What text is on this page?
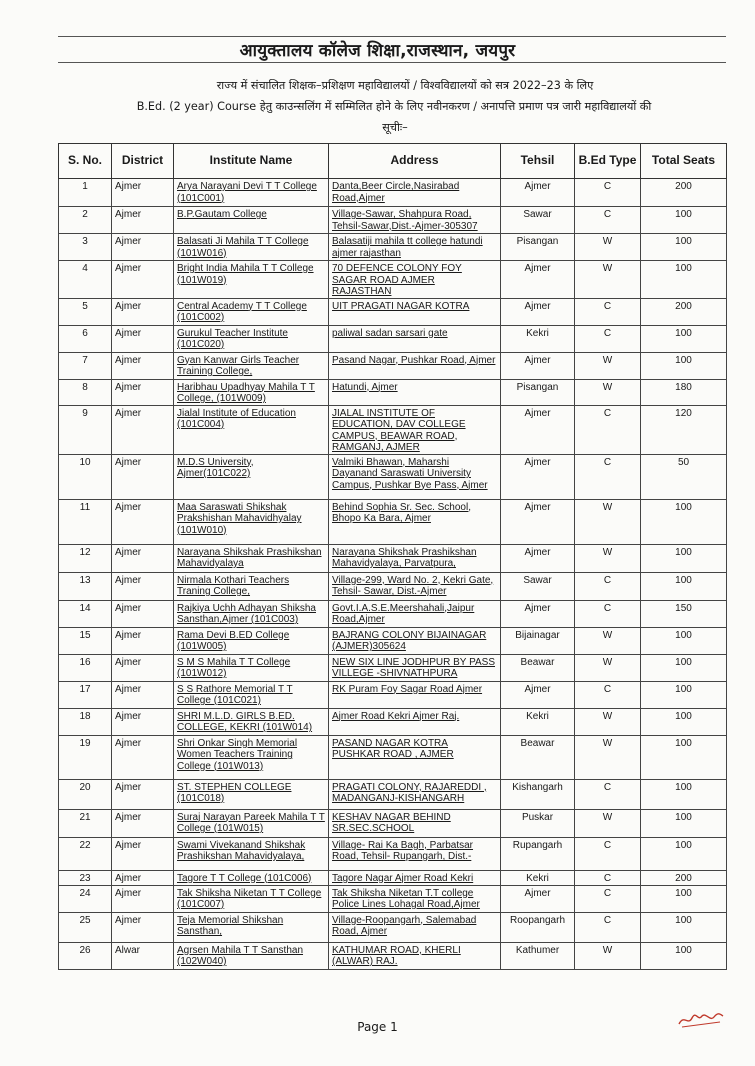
आयुक्तालय कॉलेज शिक्षा,राजस्थान, जयपुर
राज्य में संचालित शिक्षक–प्रशिक्षण महाविद्यालयों / विश्वविद्यालयों को सत्र 2022–23 के लिए
B.Ed. (2 year) Course हेतु काउन्सलिंग में सम्मिलित होने के लिए नवीनकरण / अनापत्ति प्रमाण पत्र जारी महाविद्यालयों की
सूचीः–
S. No.	District	Institute Name	Address	Tehsil	B.Ed Type	Total Seats
1	Ajmer	Arya Narayani Devi T T College (101C001)	Danta,Beer Circle,Nasirabad Road,Ajmer	Ajmer	C	200
2	Ajmer	B.P.Gautam College	Village-Sawar, Shahpura Road, Tehsil-Sawar,Dist.-Ajmer-305307	Sawar	C	100
3	Ajmer	Balasati Ji Mahila T T College (101W016)	Balasatiji mahila tt college hatundi ajmer rajasthan	Pisangan	W	100
4	Ajmer	Bright India Mahila T T College (101W019)	70 DEFENCE COLONY FOY SAGAR ROAD AJMER RAJASTHAN	Ajmer	W	100
5	Ajmer	Central Academy T T College (101C002)	UIT PRAGATI NAGAR KOTRA	Ajmer	C	200
6	Ajmer	Gurukul Teacher Institute (101C020)	paliwal sadan sarsari gate	Kekri	C	100
7	Ajmer	Gyan Kanwar Girls Teacher Training College,	Pasand Nagar, Pushkar Road, Ajmer	Ajmer	W	100
8	Ajmer	Haribhau Upadhyay Mahila T T College, (101W009)	Hatundi, Ajmer	Pisangan	W	180
9	Ajmer	Jialal Institute of Education (101C004)	JIALAL INSTITUTE OF EDUCATION, DAV COLLEGE CAMPUS, BEAWAR ROAD, RAMGANJ, AJMER	Ajmer	C	120
10	Ajmer	M.D.S University, Ajmer(101C022)	Valmiki Bhawan, Maharshi Dayanand Saraswati University Campus, Pushkar Bye Pass, Ajmer	Ajmer	C	50
11	Ajmer	Maa Saraswati Shikshak Prakshishan Mahavidhyalay (101W010)	Behind Sophia Sr. Sec. School, Bhopo Ka Bara, Ajmer	Ajmer	W	100
12	Ajmer	Narayana Shikshak Prashikshan Mahavidyalaya	Narayana Shikshak Prashikshan Mahavidyalaya, Parvatpura,	Ajmer	W	100
13	Ajmer	Nirmala Kothari Teachers Traning College,	Village-299, Ward No. 2, Kekri Gate, Tehsil- Sawar, Dist.-Ajmer	Sawar	C	100
14	Ajmer	Rajkiya Uchh Adhayan Shiksha Sansthan,Ajmer (101C003)	Govt.I.A.S.E.Meershahali,Jaipur Road,Ajmer	Ajmer	C	150
15	Ajmer	Rama Devi B.ED College (101W005)	BAJRANG COLONY BIJAINAGAR (AJMER)305624	Bijainagar	W	100
16	Ajmer	S M S Mahila T T College (101W012)	NEW SIX LINE JODHPUR BY PASS VILLEGE -SHIVNATHPURA	Beawar	W	100
17	Ajmer	S S Rathore Memorial T T College (101C021)	RK Puram Foy Sagar Road Ajmer	Ajmer	C	100
18	Ajmer	SHRI M.L.D. GIRLS B.ED. COLLEGE, KEKRI (101W014)	Ajmer Road Kekri Ajmer Raj.	Kekri	W	100
19	Ajmer	Shri Onkar Singh Memorial Women Teachers Training College (101W013)	PASAND NAGAR KOTRA PUSHKAR ROAD , AJMER	Beawar	W	100
20	Ajmer	ST. STEPHEN COLLEGE (101C018)	PRAGATI COLONY, RAJAREDDI , MADANGANJ-KISHANGARH	Kishangarh	C	100
21	Ajmer	Suraj Narayan Pareek Mahila T T College (101W015)	KESHAV NAGAR BEHIND SR.SEC.SCHOOL	Puskar	W	100
22	Ajmer	Swami Vivekanand Shikshak Prashikshan Mahavidyalaya,	Village- Rai Ka Bagh, Parbatsar Road, Tehsil- Rupangarh, Dist.-	Rupangarh	C	100
23	Ajmer	Tagore T T College (101C006)	Tagore Nagar Ajmer Road Kekri	Kekri	C	200
24	Ajmer	Tak Shiksha Niketan T T College (101C007)	Tak Shiksha Niketan T.T college Police Lines Lohagal Road,Ajmer	Ajmer	C	100
25	Ajmer	Teja Memorial Shikshan Sansthan,	Village-Roopangarh, Salemabad Road, Ajmer	Roopangarh	C	100
26	Alwar	Agrsen Mahila T T Sansthan (102W040)	KATHUMAR ROAD, KHERLI (ALWAR) RAJ.	Kathumer	W	100
Page 1
